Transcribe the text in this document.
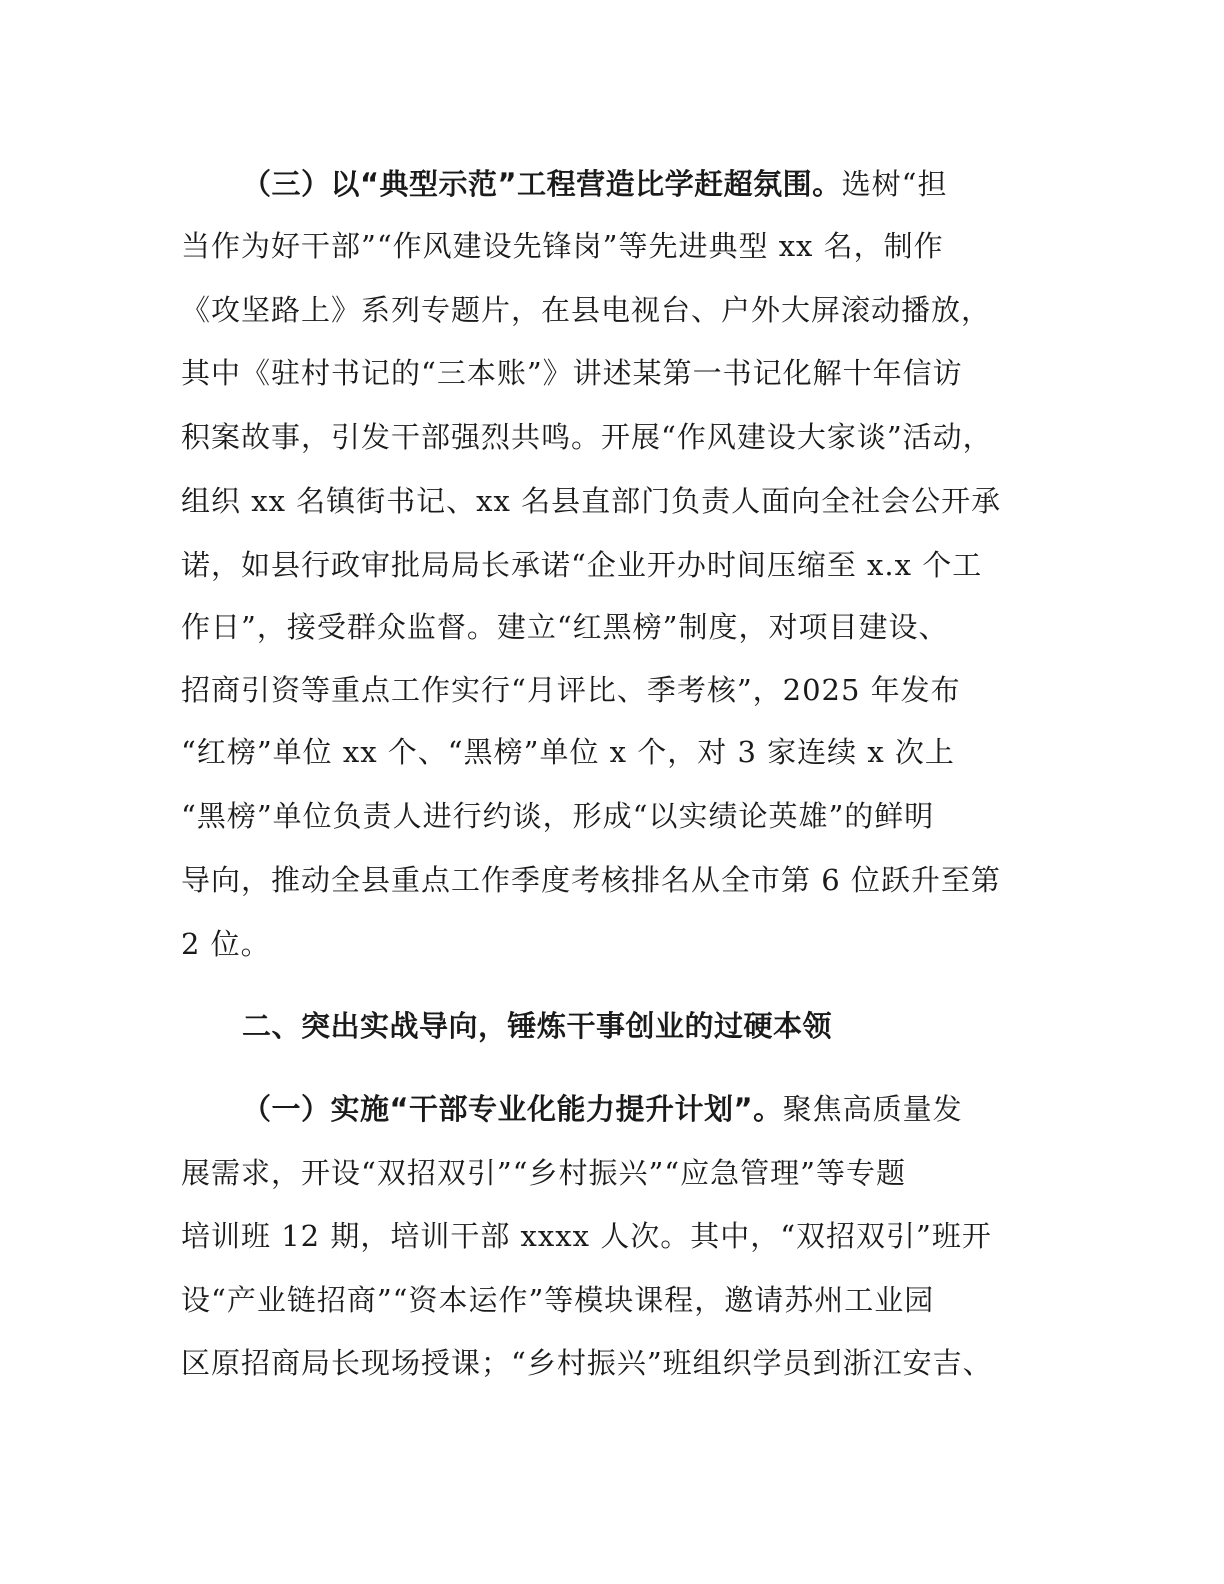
（三）以“典型示范”工程营造比学赶超氛围。选树“担

当作为好干部”“作风建设先锋岗”等先进典型 xx 名，制作

《攻坚路上》系列专题片，在县电视台、户外大屏滚动播放，

其中《驻村书记的“三本账”》讲述某第一书记化解十年信访

积案故事，引发干部强烈共鸣。开展“作风建设大家谈”活动，

组织 xx 名镇街书记、xx 名县直部门负责人面向全社会公开承

诺，如县行政审批局局长承诺“企业开办时间压缩至 x.x 个工

作日”，接受群众监督。建立“红黑榜”制度，对项目建设、

招商引资等重点工作实行“月评比、季考核”，2025 年发布

“红榜”单位 xx 个、“黑榜”单位 x 个，对 3 家连续 x 次上

“黑榜”单位负责人进行约谈，形成“以实绩论英雄”的鲜明

导向，推动全县重点工作季度考核排名从全市第 6 位跃升至第

2 位。

二、突出实战导向，锤炼干事创业的过硬本领

（一）实施“干部专业化能力提升计划”。聚焦高质量发

展需求，开设“双招双引”“乡村振兴”“应急管理”等专题

培训班 12 期，培训干部 xxxx 人次。其中，“双招双引”班开

设“产业链招商”“资本运作”等模块课程，邀请苏州工业园

区原招商局长现场授课；“乡村振兴”班组织学员到浙江安吉、
